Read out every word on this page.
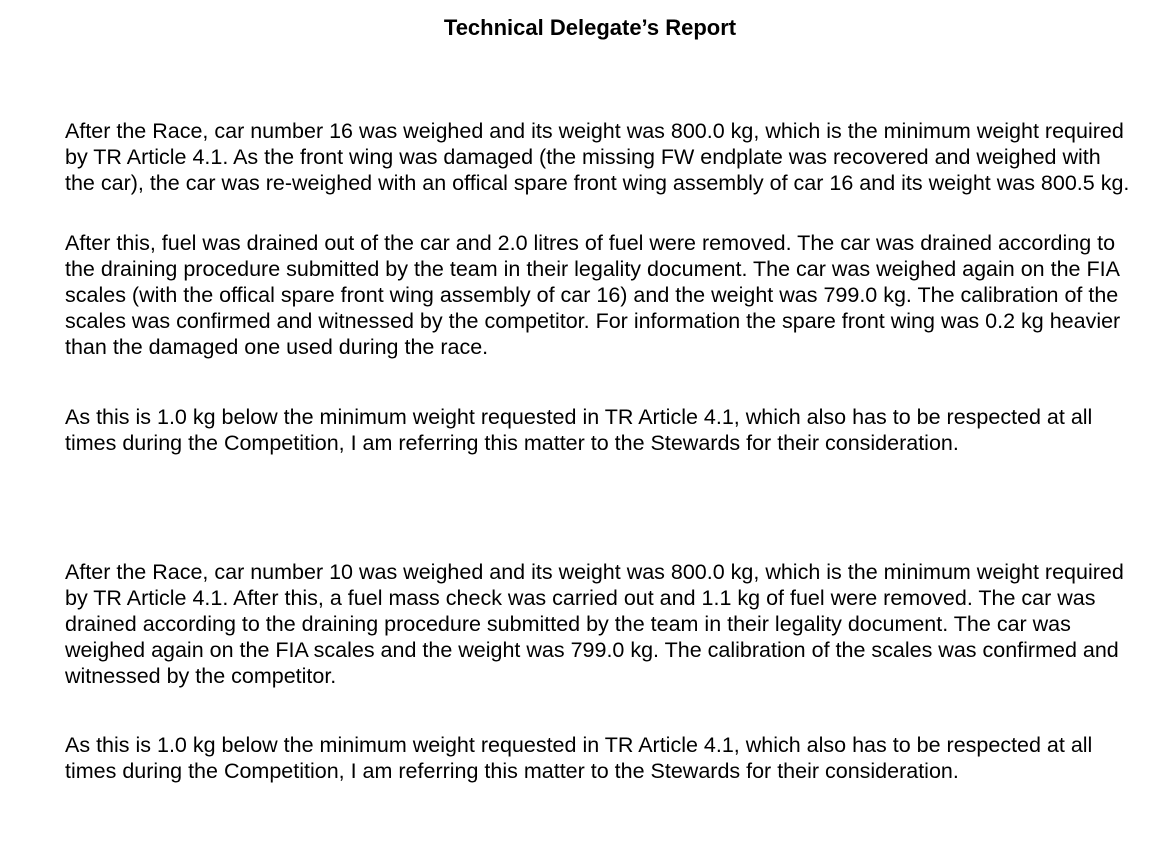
Technical Delegate’s Report

After the Race, car number 16 was weighed and its weight was 800.0 kg, which is the minimum weight required by TR Article 4.1. As the front wing was damaged (the missing FW endplate was recovered and weighed with the car), the car was re-weighed with an offical spare front wing assembly of car 16 and its weight was 800.5 kg.

After this, fuel was drained out of the car and 2.0 litres of fuel were removed. The car was drained according to the draining procedure submitted by the team in their legality document. The car was weighed again on the FIA scales (with the offical spare front wing assembly of car 16) and the weight was 799.0 kg. The calibration of the scales was confirmed and witnessed by the competitor. For information the spare front wing was 0.2 kg heavier than the damaged one used during the race.

As this is 1.0 kg below the minimum weight requested in TR Article 4.1, which also has to be respected at all times during the Competition, I am referring this matter to the Stewards for their consideration.

After the Race, car number 10 was weighed and its weight was 800.0 kg, which is the minimum weight required by TR Article 4.1. After this, a fuel mass check was carried out and 1.1 kg of fuel were removed. The car was drained according to the draining procedure submitted by the team in their legality document. The car was weighed again on the FIA scales and the weight was 799.0 kg. The calibration of the scales was confirmed and witnessed by the competitor.

As this is 1.0 kg below the minimum weight requested in TR Article 4.1, which also has to be respected at all times during the Competition, I am referring this matter to the Stewards for their consideration.
